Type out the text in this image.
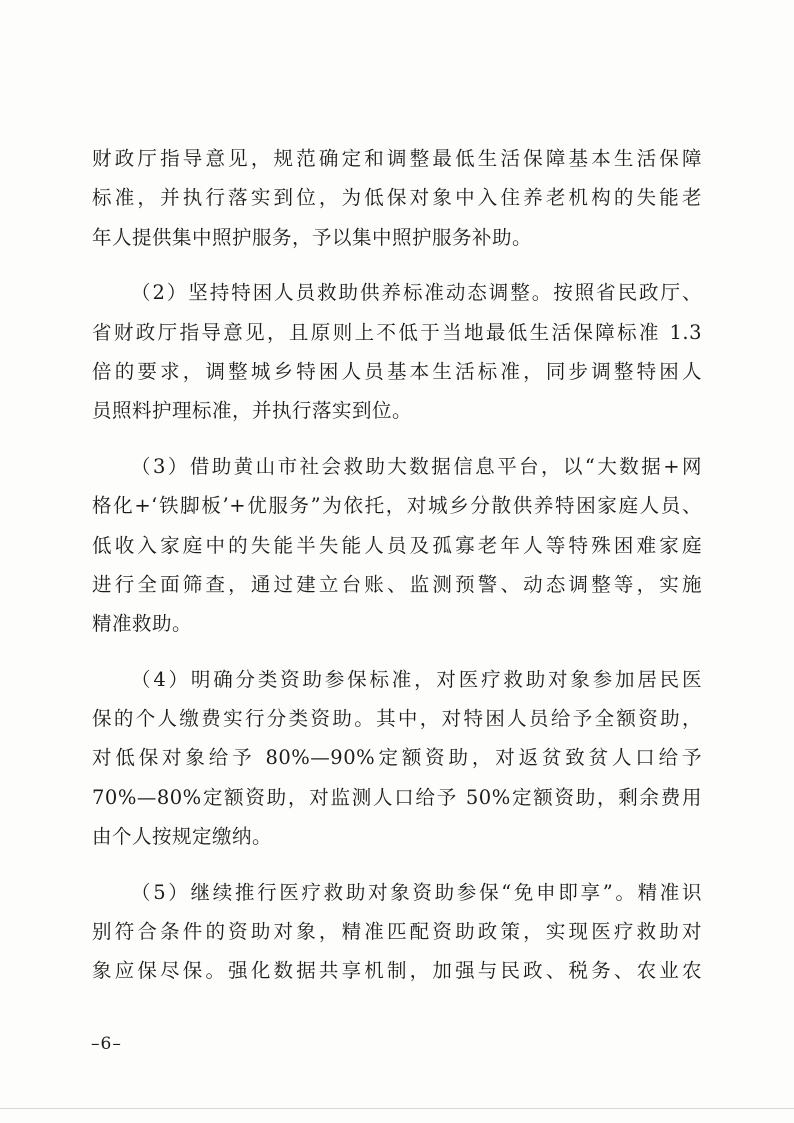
财政厅指导意见，规范确定和调整最低生活保障基本生活保障
标准，并执行落实到位，为低保对象中入住养老机构的失能老
年人提供集中照护服务，予以集中照护服务补助。
（2）坚持特困人员救助供养标准动态调整。按照省民政厅、
省财政厅指导意见，且原则上不低于当地最低生活保障标准 1.3
倍的要求，调整城乡特困人员基本生活标准，同步调整特困人
员照料护理标准，并执行落实到位。
（3）借助黄山市社会救助大数据信息平台，以“大数据+网
格化+‘铁脚板’+优服务”为依托，对城乡分散供养特困家庭人员、
低收入家庭中的失能半失能人员及孤寡老年人等特殊困难家庭
进行全面筛查，通过建立台账、监测预警、动态调整等，实施
精准救助。
（4）明确分类资助参保标准，对医疗救助对象参加居民医
保的个人缴费实行分类资助。其中，对特困人员给予全额资助，
对低保对象给予 80%—90%定额资助，对返贫致贫人口给予
70%—80%定额资助，对监测人口给予 50%定额资助，剩余费用
由个人按规定缴纳。
（5）继续推行医疗救助对象资助参保“免申即享”。精准识
别符合条件的资助对象，精准匹配资助政策，实现医疗救助对
象应保尽保。强化数据共享机制，加强与民政、税务、农业农
–6–
